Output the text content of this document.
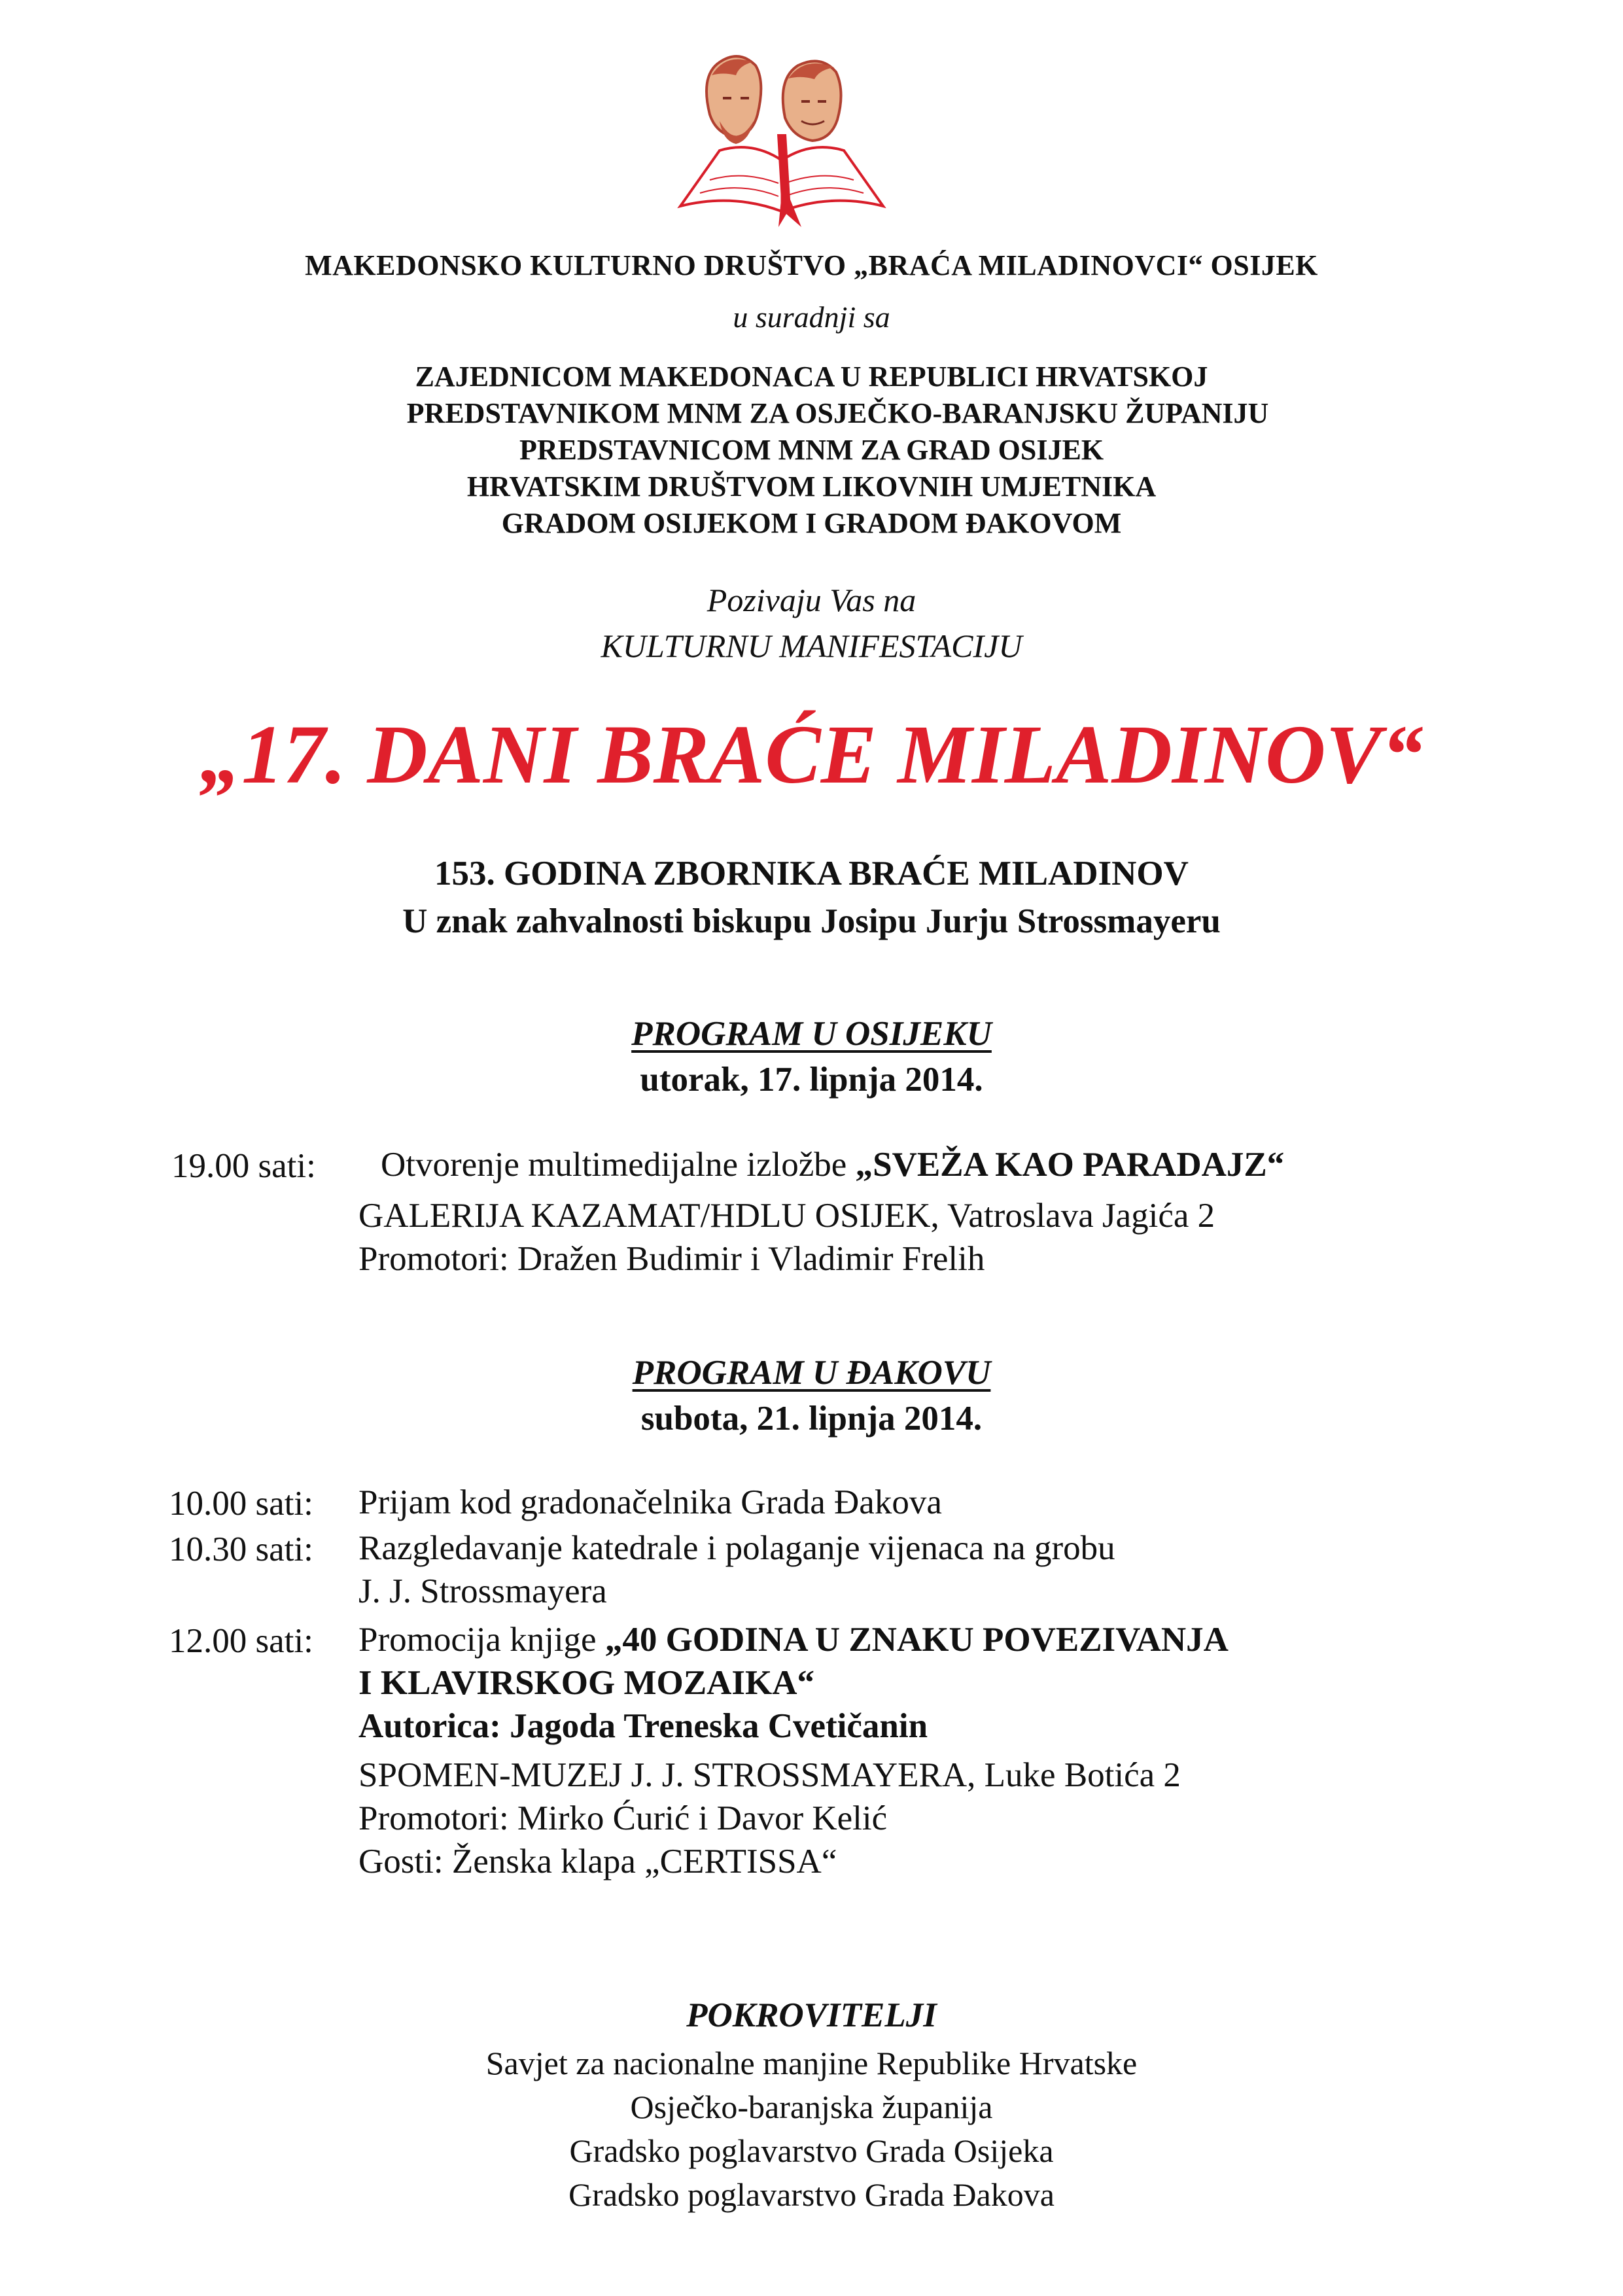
MAKEDONSKO KULTURNO DRUŠTVO „BRAĆA MILADINOVCI“ OSIJEK
u suradnji sa
ZAJEDNICOM MAKEDONACA U REPUBLICI HRVATSKOJ
PREDSTAVNIKOM MNM ZA OSJEČKO-BARANJSKU ŽUPANIJU
PREDSTAVNICOM MNM ZA GRAD OSIJEK
HRVATSKIM DRUŠTVOM LIKOVNIH UMJETNIKA
GRADOM OSIJEKOM I GRADOM ĐAKOVOM
Pozivaju Vas na
KULTURNU MANIFESTACIJU
„17. DANI BRAĆE MILADINOV“
153. GODINA ZBORNIKA BRAĆE MILADINOV
U znak zahvalnosti biskupu Josipu Jurju Strossmayeru
PROGRAM U OSIJEKU
utorak, 17. lipnja 2014.
19.00 sati: Otvorenje multimedijalne izložbe „SVEŽA KAO PARADAJZ“
GALERIJA KAZAMAT/HDLU OSIJEK, Vatroslava Jagića 2
Promotori: Dražen Budimir i Vladimir Frelih
PROGRAM U ĐAKOVU
subota, 21. lipnja 2014.
10.00 sati: Prijam kod gradonačelnika Grada Đakova
10.30 sati: Razgledavanje katedrale i polaganje vijenaca na grobu
J. J. Strossmayera
12.00 sati: Promocija knjige „40 GODINA U ZNAKU POVEZIVANJA
I KLAVIRSKOG MOZAIKA“
Autorica: Jagoda Treneska Cvetičanin
SPOMEN-MUZEJ J. J. STROSSMAYERA, Luke Botića 2
Promotori: Mirko Ćurić i Davor Kelić
Gosti: Ženska klapa „CERTISSA“
POKROVITELJI
Savjet za nacionalne manjine Republike Hrvatske
Osječko-baranjska županija
Gradsko poglavarstvo Grada Osijeka
Gradsko poglavarstvo Grada Đakova
